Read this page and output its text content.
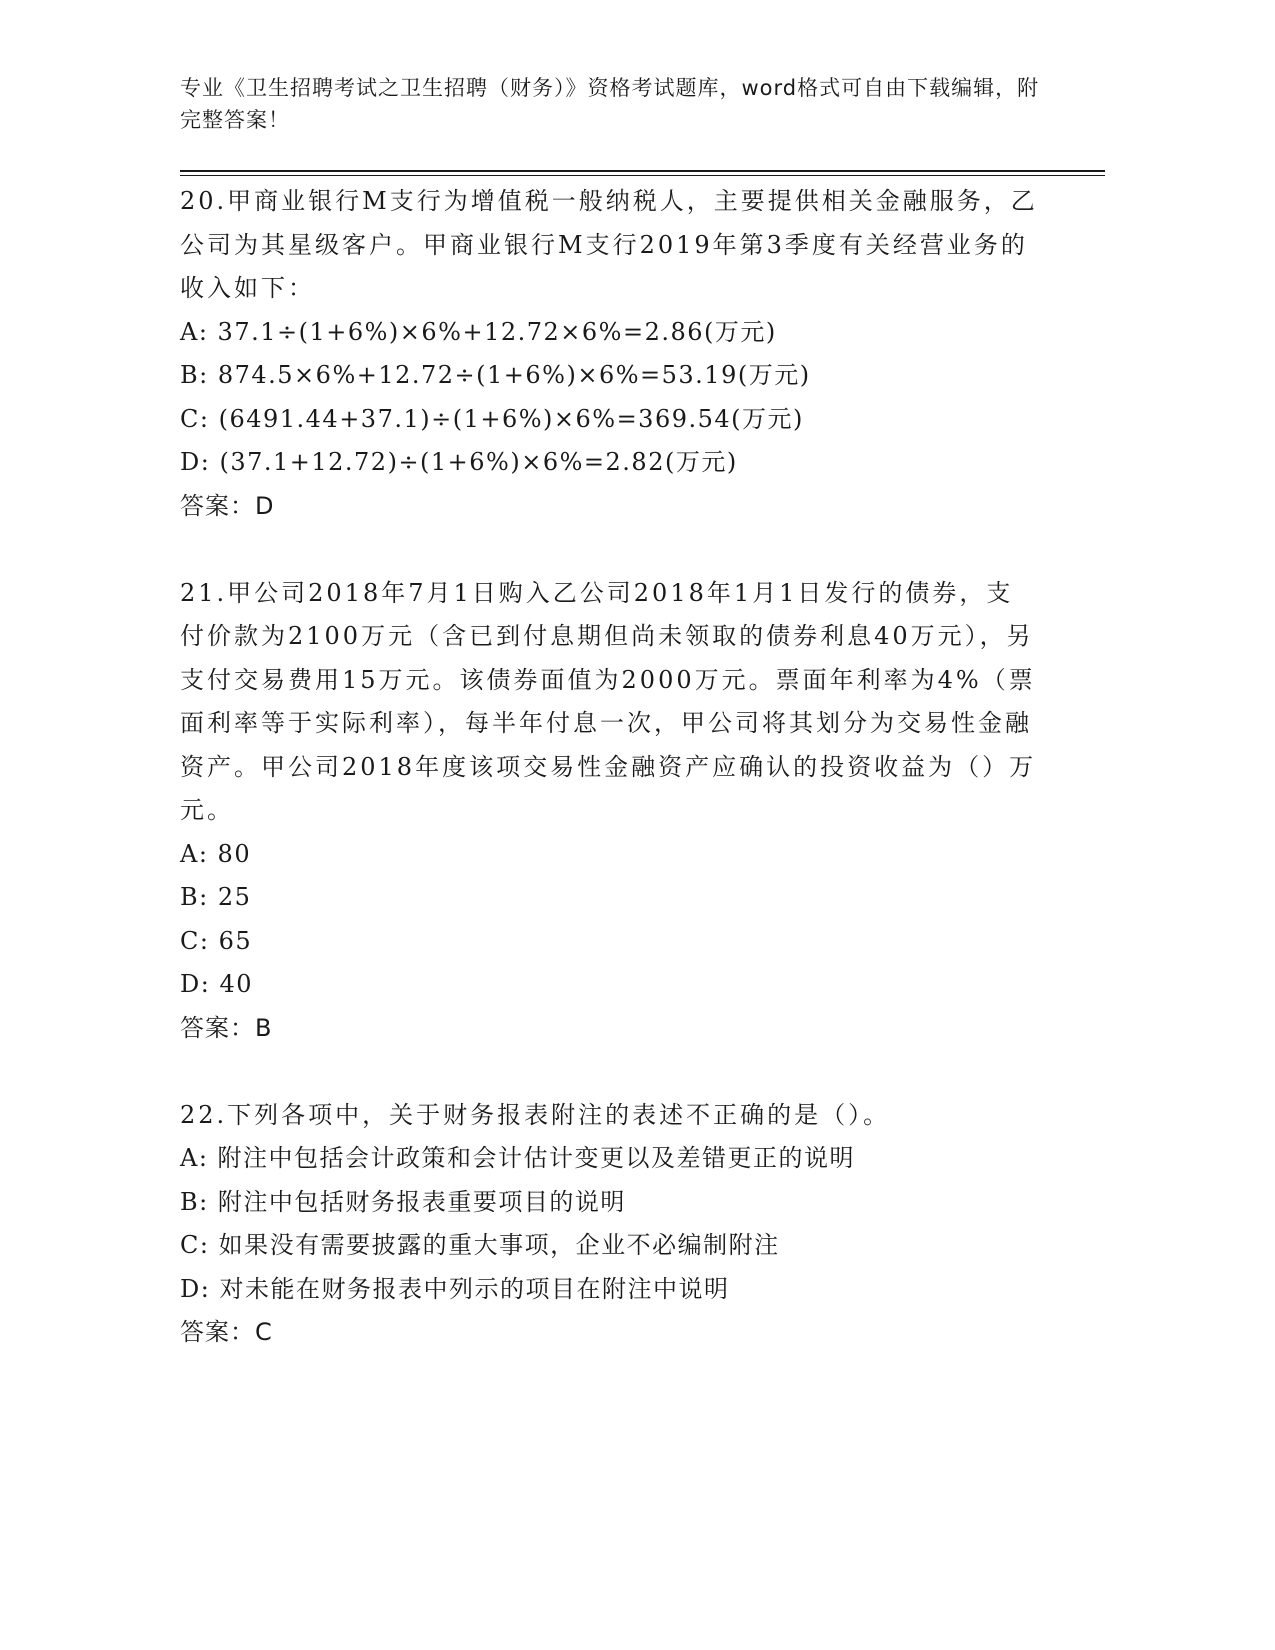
专业《卫生招聘考试之卫生招聘（财务）》资格考试题库，word格式可自由下载编辑，附完整答案！

20.甲商业银行M支行为增值税一般纳税人，主要提供相关金融服务，乙公司为其星级客户。甲商业银行M支行2019年第3季度有关经营业务的收入如下：

A: 37.1÷(1+6%)×6%+12.72×6%=2.86(万元)

B: 874.5×6%+12.72÷(1+6%)×6%=53.19(万元)

C: (6491.44+37.1)÷(1+6%)×6%=369.54(万元)

D: (37.1+12.72)÷(1+6%)×6%=2.82(万元)

答案：D

21.甲公司2018年7月1日购入乙公司2018年1月1日发行的债券，支付价款为2100万元（含已到付息期但尚未领取的债券利息40万元），另支付交易费用15万元。该债券面值为2000万元。票面年利率为4%（票面利率等于实际利率），每半年付息一次，甲公司将其划分为交易性金融资产。甲公司2018年度该项交易性金融资产应确认的投资收益为（）万元。

A: 80

B: 25

C: 65

D: 40

答案：B

22.下列各项中，关于财务报表附注的表述不正确的是（）。

A: 附注中包括会计政策和会计估计变更以及差错更正的说明

B: 附注中包括财务报表重要项目的说明

C: 如果没有需要披露的重大事项，企业不必编制附注

D: 对未能在财务报表中列示的项目在附注中说明

答案：C
